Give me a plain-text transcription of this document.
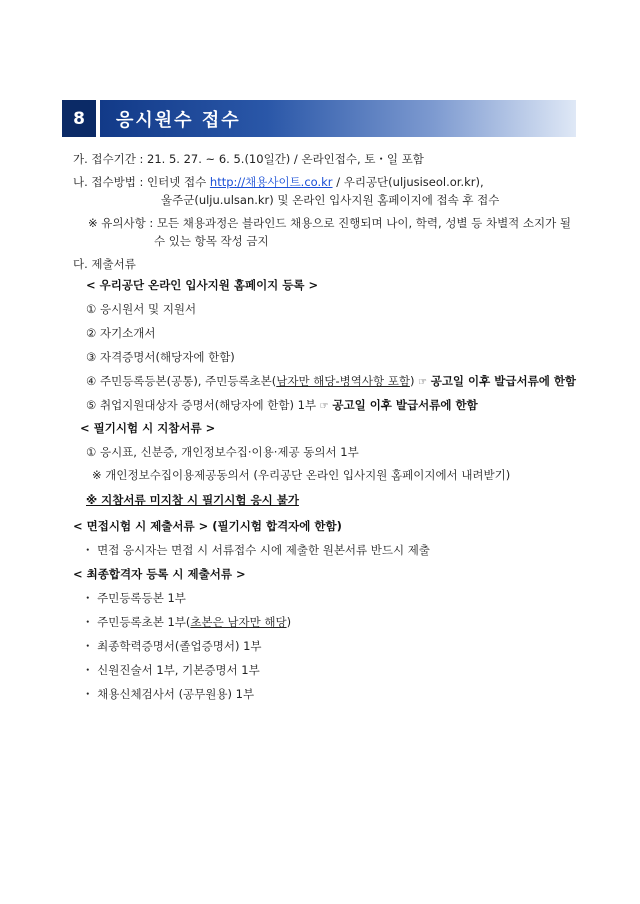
8	응시원수 접수
가. 접수기간 : 21. 5. 27. ~ 6. 5.(10일간) / 온라인접수, 토・일 포함
나. 접수방법 : 인터넷 접수 http://채용사이트.co.kr / 우리공단(uljusiseol.or.kr),
울주군(ulju.ulsan.kr) 및 온라인 입사지원 홈페이지에 접속 후 접수
※ 유의사항 : 모든 채용과정은 블라인드 채용으로 진행되며 나이, 학력, 성별 등 차별적 소지가 될
수 있는 항목 작성 금지
다. 제출서류
< 우리공단 온라인 입사지원 홈페이지 등록 >
① 응시원서 및 지원서
② 자기소개서
③ 자격증명서(해당자에 한함)
④ 주민등록등본(공통), 주민등록초본(남자만 해당-병역사항 포함) ☞ 공고일 이후 발급서류에 한함
⑤ 취업지원대상자 증명서(해당자에 한함) 1부 ☞ 공고일 이후 발급서류에 한함
< 필기시험 시 지참서류 >
① 응시표, 신분증, 개인정보수집·이용·제공 동의서 1부
※ 개인정보수집이용제공동의서 (우리공단 온라인 입사지원 홈페이지에서 내려받기)
※ 지참서류 미지참 시 필기시험 응시 불가
< 면접시험 시 제출서류 > (필기시험 합격자에 한함)
・ 면접 응시자는 면접 시 서류접수 시에 제출한 원본서류 반드시 제출
< 최종합격자 등록 시 제출서류 >
・ 주민등록등본 1부
・ 주민등록초본 1부(초본은 남자만 해당)
・ 최종학력증명서(졸업증명서) 1부
・ 신원진술서 1부, 기본증명서 1부
・ 채용신체검사서 (공무원용) 1부
